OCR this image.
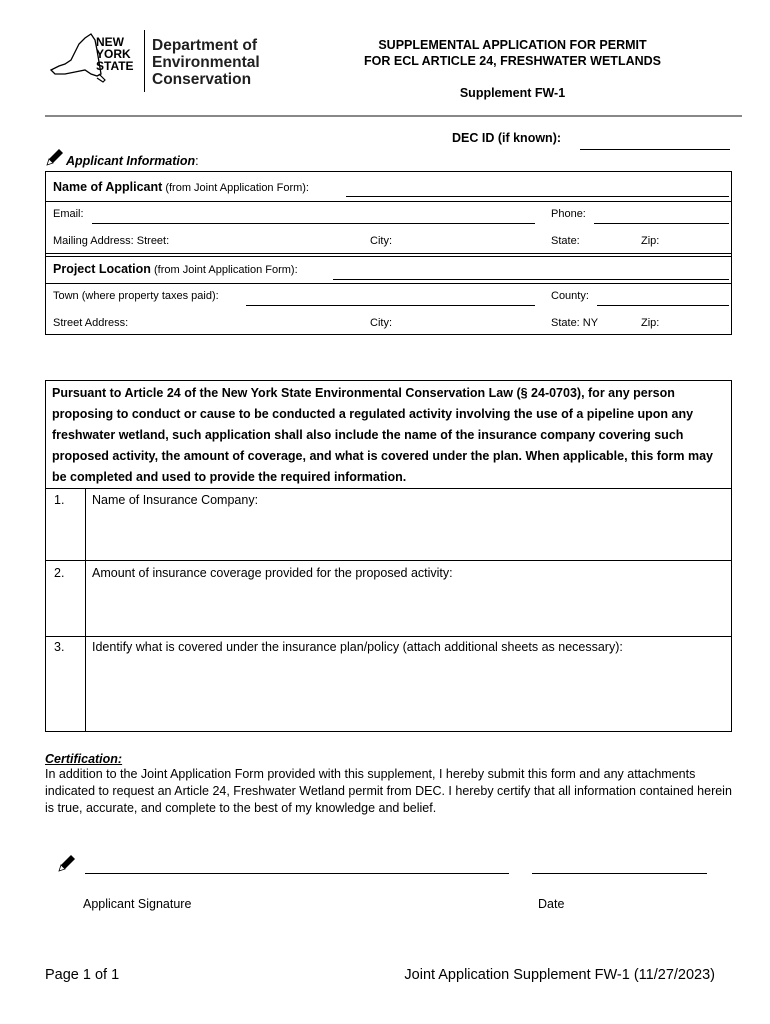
NEW
YORK
STATE
Department of
Environmental
Conservation
SUPPLEMENTAL APPLICATION FOR PERMIT
FOR ECL ARTICLE 24, FRESHWATER WETLANDS
Supplement FW-1
DEC ID (if known):
Applicant Information:
Name of Applicant (from Joint Application Form):
Email:	Phone:
Mailing Address: Street:	City:	State:	Zip:
Project Location (from Joint Application Form):
Town (where property taxes paid):	County:
Street Address:	City:	State: NY	Zip:
Pursuant to Article 24 of the New York State Environmental Conservation Law (§ 24-0703), for any person proposing to conduct or cause to be conducted a regulated activity involving the use of a pipeline upon any freshwater wetland, such application shall also include the name of the insurance company covering such proposed activity, the amount of coverage, and what is covered under the plan. When applicable, this form may be completed and used to provide the required information.
1. Name of Insurance Company:
2. Amount of insurance coverage provided for the proposed activity:
3. Identify what is covered under the insurance plan/policy (attach additional sheets as necessary):
Certification:
In addition to the Joint Application Form provided with this supplement, I hereby submit this form and any attachments indicated to request an Article 24, Freshwater Wetland permit from DEC. I hereby certify that all information contained herein is true, accurate, and complete to the best of my knowledge and belief.
Applicant Signature	Date
Page 1 of 1	Joint Application Supplement FW-1 (11/27/2023)
